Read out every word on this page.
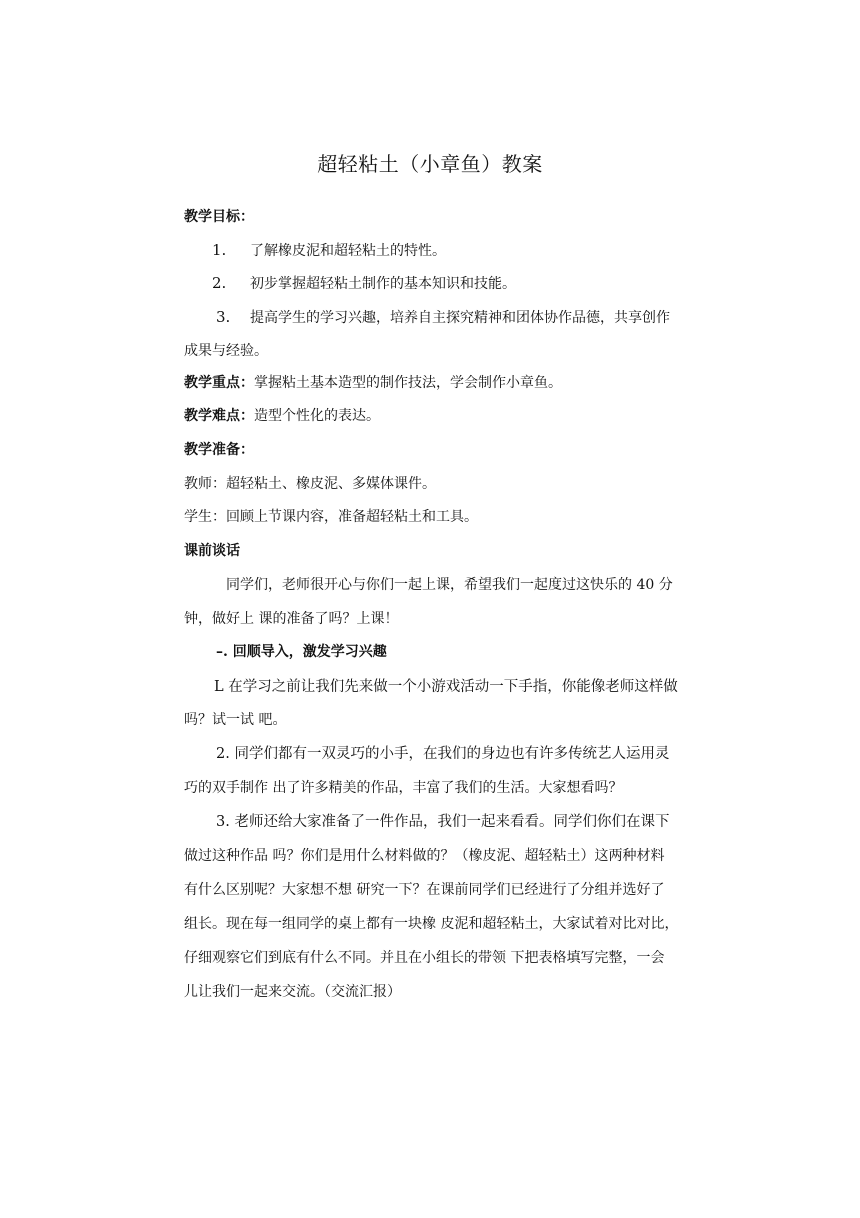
超轻粘土（小章鱼）教案
教学目标：
1. 了解橡皮泥和超轻粘土的特性。
2. 初步掌握超轻粘土制作的基本知识和技能。
3. 提高学生的学习兴趣，培养自主探究精神和团体协作品德，共享创作
成果与经验。
教学重点：掌握粘土基本造型的制作技法，学会制作小章鱼。
教学难点：造型个性化的表达。
教学准备：
教师：超轻粘土、橡皮泥、多媒体课件。
学生：回顾上节课内容，准备超轻粘土和工具。
课前谈话
同学们，老师很开心与你们一起上课，希望我们一起度过这快乐的 40 分
钟，做好上 课的准备了吗？上课！
–. 回顺导入，激发学习兴趣
L 在学习之前让我们先来做一个小游戏活动一下手指，你能像老师这样做
吗？试一试 吧。
2. 同学们都有一双灵巧的小手，在我们的身边也有许多传统艺人运用灵
巧的双手制作 出了许多精美的作品，丰富了我们的生活。大家想看吗？
3. 老师还给大家准备了一件作品，我们一起来看看。同学们你们在课下
做过这种作品 吗？你们是用什么材料做的？（橡皮泥、超轻粘土）这两种材料
有什么区别呢？大家想不想 研究一下？在课前同学们已经进行了分组并选好了
组长。现在每一组同学的桌上都有一块橡 皮泥和超轻粘土，大家试着对比对比，
仔细观察它们到底有什么不同。并且在小组长的带领 下把表格填写完整，一会
儿让我们一起来交流。（交流汇报）
